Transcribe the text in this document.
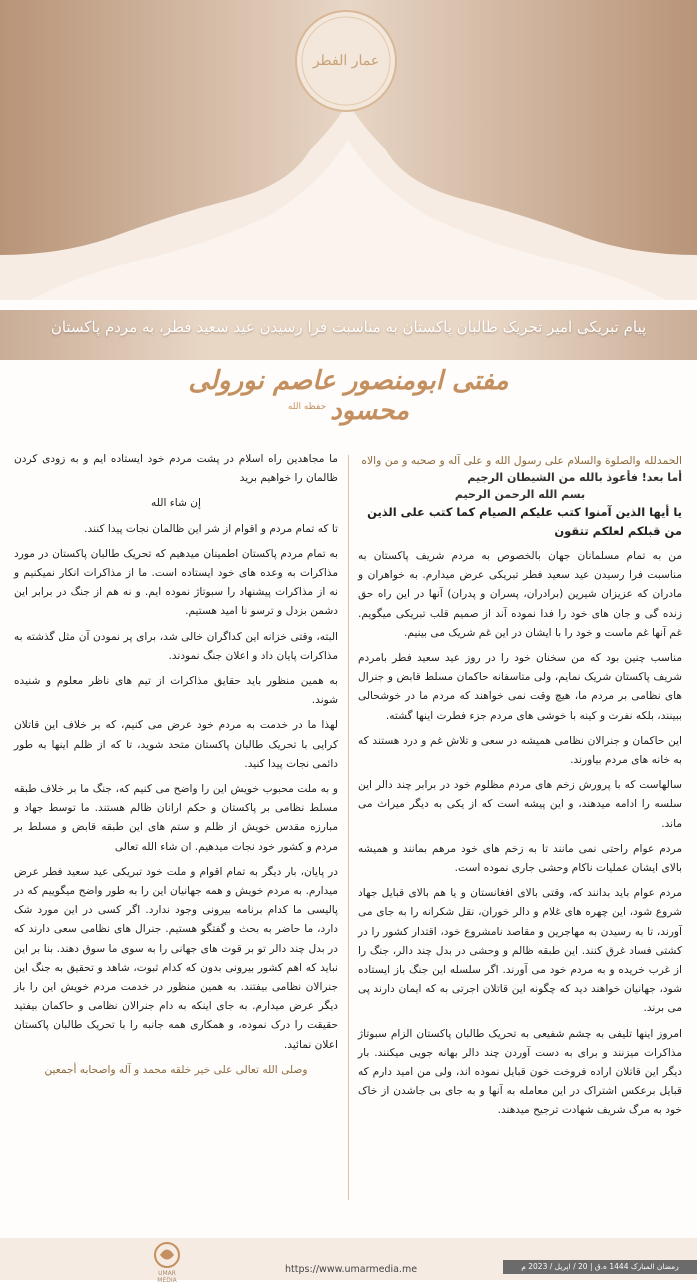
عمار الفطر
پیام تبریکی امیر تحریک طالبان پاکستان به مناسبت فرا رسیدن عید سعید فطر، به مردم پاکستان
مفتی ابومنصور عاصم نورولی محسود$^{حفظه الله}$
الحمدلله والصلوة والسلام علی رسول الله و علی آله و صحبه و من والاه
أما بعد! فأعوذ بالله من الشيطان الرجيم
بسم الله الرحمن الرحيم
يا أيها الذين آمنوا كتب عليكم الصيام كما كتب على الذين من قبلكم لعلكم تتقون

من به تمام مسلمانان جهان بالخصوص به مردم شریف پاکستان به مناسبت فرا رسیدن عید سعید فطر تبریکی عرض میدارم. به خواهران و مادران که عزیزان شیرین (برادران، پسران و پدران) آنها در این راه حق زنده گی و جان های خود را فدا نموده آند از صمیم قلب تبریکی میگویم. غم آنها غم ماست و خود را با ایشان در این غم شریک می بینیم.

مناسب چنین بود که من سخنان خود را در روز عید سعید فطر بامردم شریف پاکستان شریک نمایم، ولی متاسفانه حاکمان مسلط قابض و جنرال های نظامی بر مردم ما، هیچ وقت نمی خواهند که مردم ما در خوشحالی ببینند، بلکه نفرت و کینه با خوشی های مردم جزء فطرت اینها گشته.

این حاکمان و جنرالان نظامی همیشه در سعی و تلاش غم و درد هستند که به خانه های مردم بیاورند.

سالهاست که با پرورش زخم های مردم مظلوم خود در برابر چند دالر این سلسه را ادامه میدهند، و این پیشه است که از یکی به دیگر میراث می ماند.

مردم عوام راحتی نمی مانند تا به زخم های خود مرهم بمانند و همیشه بالای ایشان عملیات ناکام وحشی جاری نموده است.

مردم عوام باید بدانند که، وقتی بالای افغانستان و یا هم بالای قبایل جهاد شروع شود، این چهره های غلام و دالر خوران، نقل شکرانه را به جای می آورند، تا به رسیدن به مهاجرین و مقاصد نامشروع خود، اقتدار کشور را در کشتی فساد غرق کنند. این طبقه ظالم و وحشی در بدل چند دالر، جنگ را از غرب خریده و به مردم خود می آورند. اگر سلسله این جنگ باز ایستاده شود، جهانیان خواهند دید که چگونه این قاتلان اجرتی به که ایمان دارند پی می برند.

امروز اینها تلیفی به چشم شفیعی به تحریک طالبان پاکستان الزام سبوتاژ مذاکرات میزنند و برای به دست آوردن چند دالر بهانه جویی میکنند. بار دیگر این قاتلان اراده فروخت خون قبایل نموده اند، ولی من امید دارم که قبایل برعکس اشتراک در این معامله به آنها و به جای بی جاشدن از خاک خود به مرگ شریف شهادت ترجیح میدهند.

ما مجاهدین راه اسلام در پشت مردم خود ایستاده ایم و به زودی کردن ظالمان را خواهیم برید

إن شاء الله

تا که تمام مردم و اقوام از شر این ظالمان نجات پیدا کنند.

به تمام مردم پاکستان اطمینان میدهیم که تحریک طالبان پاکستان در مورد مذاکرات به وعده های خود ایستاده است. ما از مذاکرات انکار نمیکنیم و نه از مذاکرات پیشنهاد را سبوتاژ نموده ایم. و نه هم از جنگ در برابر این دشمن بزدل و ترسو نا امید هستیم.

البته، وقتی خزانه این کداگران خالی شد، برای پر نمودن آن مثل گذشته به مذاکرات پایان داد و اعلان جنگ نمودند.

به همین منظور باید حقایق مذاکرات از تیم های ناظر معلوم و شنیده شوند.

لهذا ما در خدمت به مردم خود عرض می کنیم، که بر خلاف این قاتلان کرایی با تحریک طالبان پاکستان متحد شوید، تا که از ظلم اینها به طور دائمی نجات پیدا کنید.

و به ملت محبوب خویش این را واضح می کنیم که، جنگ ما بر خلاف طبقه مسلط نظامی بر پاکستان و حکم ارانان ظالم هستند. ما توسط جهاد و مبارزه مقدس خویش از ظلم و ستم های این طبقه قابض و مسلط بر مردم و کشور خود نجات میدهیم. ان شاء الله تعالی

در پایان، بار دیگر به تمام اقوام و ملت خود تبریکی عید سعید فطر عرض میدارم. به مردم خویش و همه جهانیان این را به طور واضح میگوییم که در پالیسی ما کدام برنامه بیرونی وجود ندارد. اگر کسی در این مورد شک دارد، ما حاضر به بحث و گفتگو هستیم. جنرال های نظامی سعی دارند که در بدل چند دالر تو بر قوت های جهانی را به سوی ما سوق دهند. بنا بر این نباید که اهم کشور بیرونی بدون که کدام ثبوت، شاهد و تحقیق به جنگ این جنرالان نظامی بیفتند. به همین منظور در خدمت مردم خویش این را باز دیگر عرض میدارم. به جای اینکه به دام جنرالان نظامی و حاکمان بیفتید حقیقت را درک نموده، و همکاری همه جانبه را با تحریک طالبان پاکستان اعلان نمائید.

وصلی الله تعالی علی خیر خلقه محمد و آله واصحابه أجمعین
UMAR MEDIA
https://www.umarmedia.me	رمضان المبارک 1444 ه.ق | 20 / اپریل / 2023 م
